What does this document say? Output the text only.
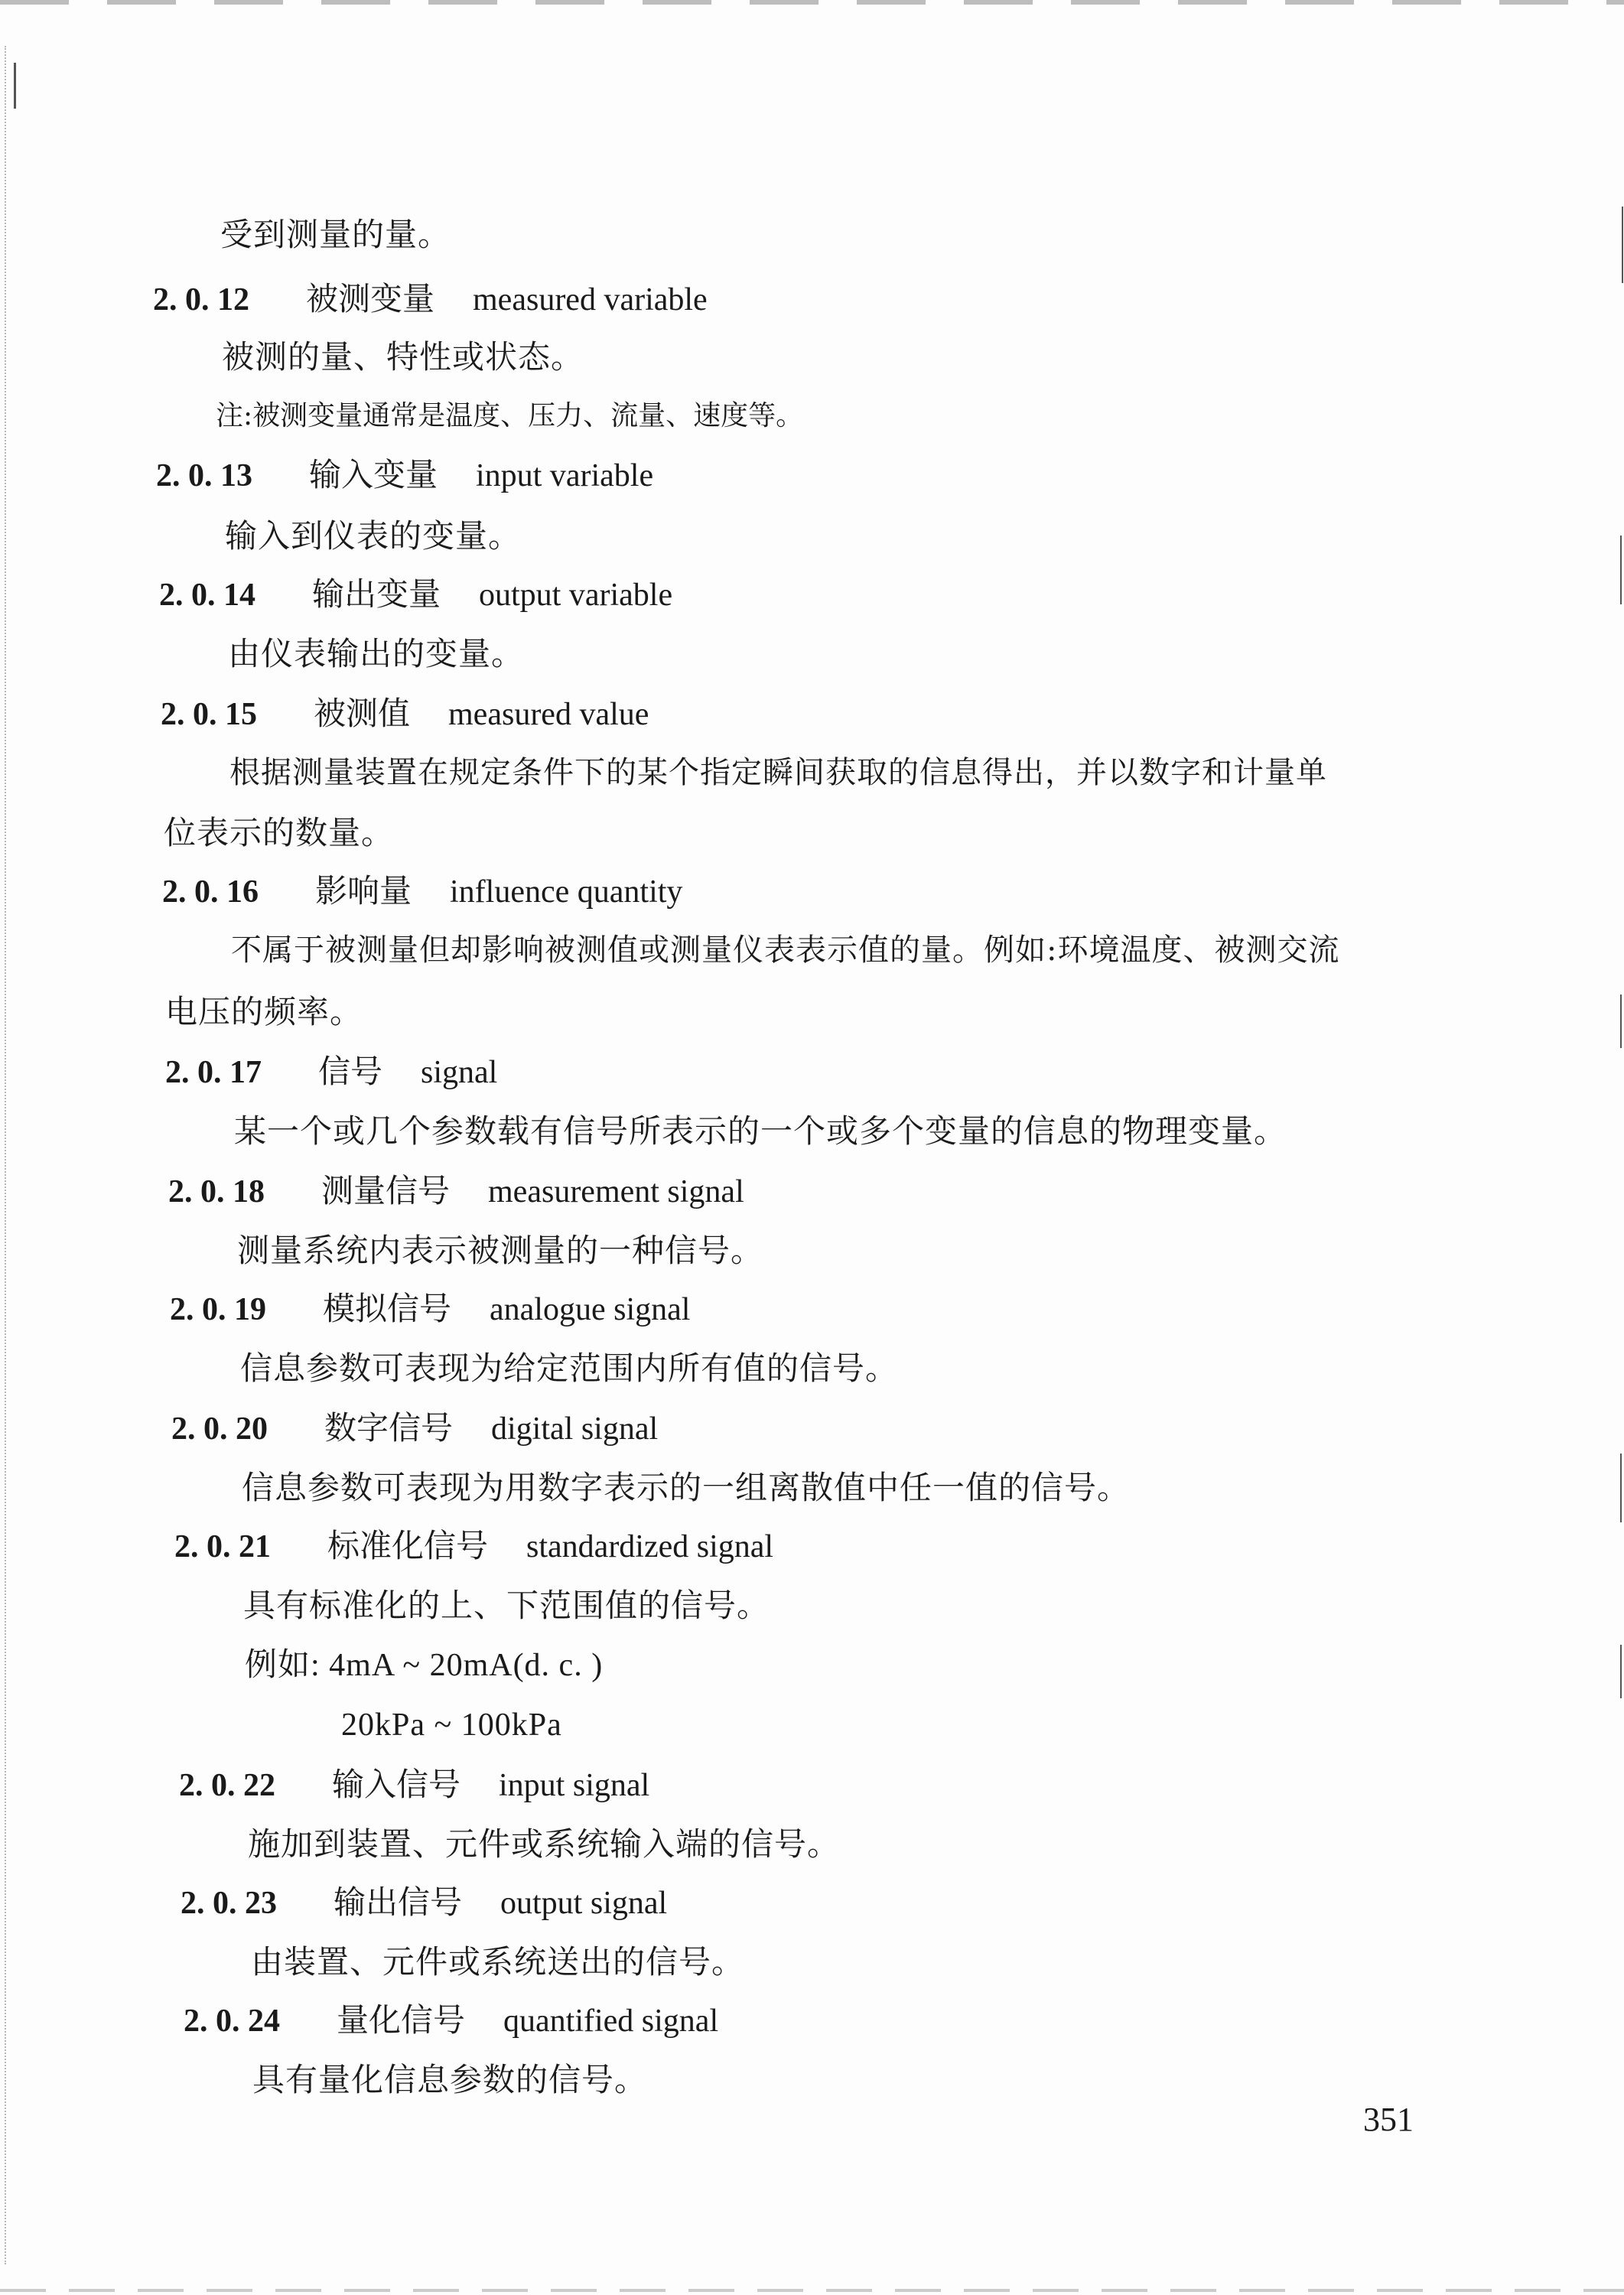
受到测量的量。
2. 0. 12 被测变量 measured variable
被测的量、特性或状态。
注:被测变量通常是温度、压力、流量、速度等。
2. 0. 13 输入变量 input variable
输入到仪表的变量。
2. 0. 14 输出变量 output variable
由仪表输出的变量。
2. 0. 15 被测值 measured value
根据测量装置在规定条件下的某个指定瞬间获取的信息得出，并以数字和计量单
位表示的数量。
2. 0. 16 影响量 influence quantity
不属于被测量但却影响被测值或测量仪表表示值的量。例如:环境温度、被测交流
电压的频率。
2. 0. 17 信号 signal
某一个或几个参数载有信号所表示的一个或多个变量的信息的物理变量。
2. 0. 18 测量信号 measurement signal
测量系统内表示被测量的一种信号。
2. 0. 19 模拟信号 analogue signal
信息参数可表现为给定范围内所有值的信号。
2. 0. 20 数字信号 digital signal
信息参数可表现为用数字表示的一组离散值中任一值的信号。
2. 0. 21 标准化信号 standardized signal
具有标准化的上、下范围值的信号。
例如: 4mA ~ 20mA(d. c. )
20kPa ~ 100kPa
2. 0. 22 输入信号 input signal
施加到装置、元件或系统输入端的信号。
2. 0. 23 输出信号 output signal
由装置、元件或系统送出的信号。
2. 0. 24 量化信号 quantified signal
具有量化信息参数的信号。
351
